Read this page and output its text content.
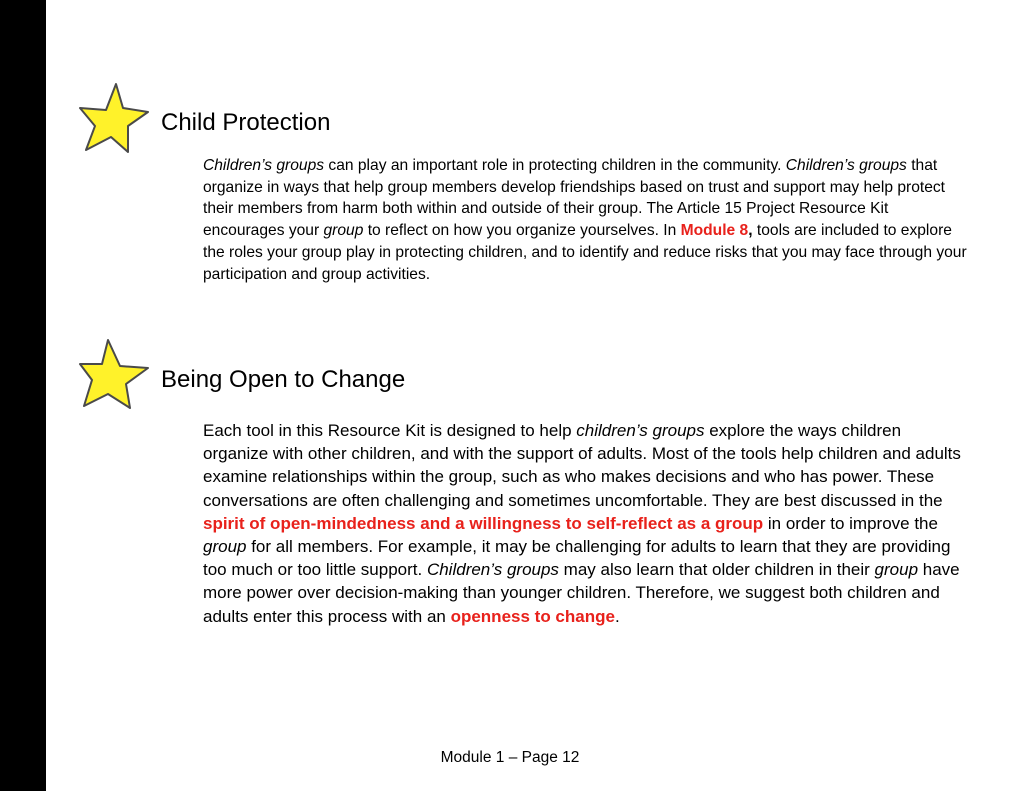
Child Protection

Children’s groups can play an important role in protecting children in the community. Children’s groups that organize in ways that help group members develop friendships based on trust and support may help protect their members from harm both within and outside of their group. The Article 15 Project Resource Kit encourages your group to reflect on how you organize yourselves. In Module 8, tools are included to explore the roles your group play in protecting children, and to identify and reduce risks that you may face through your participation and group activities.

Being Open to Change

Each tool in this Resource Kit is designed to help children’s groups explore the ways children organize with other children, and with the support of adults. Most of the tools help children and adults examine relationships within the group, such as who makes decisions and who has power. These conversations are often challenging and sometimes uncomfortable. They are best discussed in the spirit of open-mindedness and a willingness to self-reflect as a group in order to improve the group for all members. For example, it may be challenging for adults to learn that they are providing too much or too little support. Children’s groups may also learn that older children in their group have more power over decision-making than younger children. Therefore, we suggest both children and adults enter this process with an openness to change.

Module 1 – Page 12
